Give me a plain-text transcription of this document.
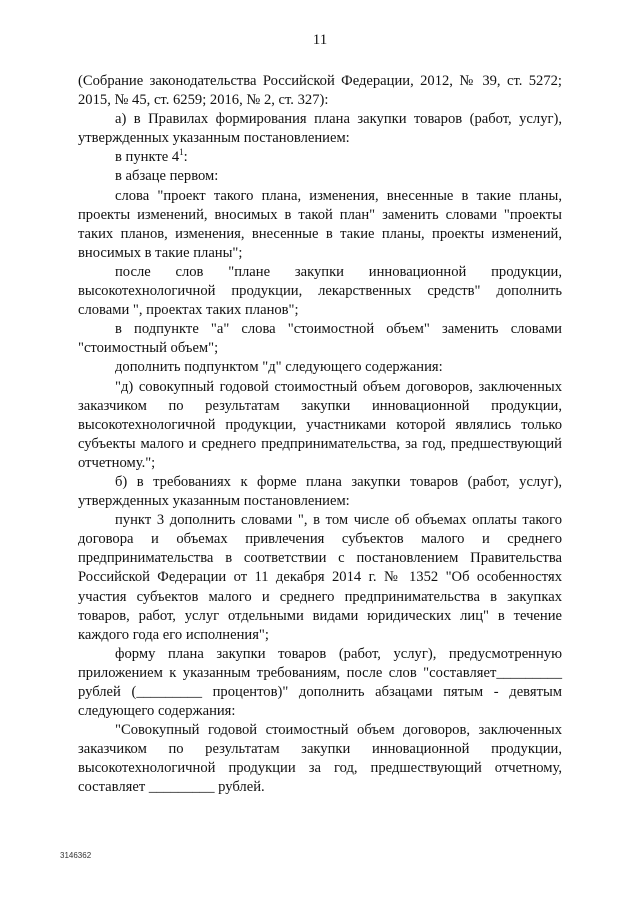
11

(Собрание законодательства Российской Федерации, 2012, № 39, ст. 5272; 2015, № 45, ст. 6259; 2016, № 2, ст. 327):

а) в Правилах формирования плана закупки товаров (работ, услуг), утвержденных указанным постановлением:

в пункте $4^1$:

в абзаце первом:

слова "проект такого плана, изменения, внесенные в такие планы, проекты изменений, вносимых в такой план" заменить словами "проекты таких планов, изменения, внесенные в такие планы, проекты изменений, вносимых в такие планы";

после слов "плане закупки инновационной продукции, высокотехнологичной продукции, лекарственных средств" дополнить словами ", проектах таких планов";

в подпункте "а" слова "стоимостной объем" заменить словами "стоимостный объем";

дополнить подпунктом "д" следующего содержания:

"д) совокупный годовой стоимостный объем договоров, заключенных заказчиком по результатам закупки инновационной продукции, высокотехнологичной продукции, участниками которой являлись только субъекты малого и среднего предпринимательства, за год, предшествующий отчетному.";

б) в требованиях к форме плана закупки товаров (работ, услуг), утвержденных указанным постановлением:

пункт 3 дополнить словами ", в том числе об объемах оплаты такого договора и объемах привлечения субъектов малого и среднего предпринимательства в соответствии с постановлением Правительства Российской Федерации от 11 декабря 2014 г. № 1352 "Об особенностях участия субъектов малого и среднего предпринимательства в закупках товаров, работ, услуг отдельными видами юридических лиц" в течение каждого года его исполнения";

форму плана закупки товаров (работ, услуг), предусмотренную приложением к указанным требованиям, после слов "составляет_________ рублей (_________ процентов)" дополнить абзацами пятым - девятым следующего содержания:

"Совокупный годовой стоимостный объем договоров, заключенных заказчиком по результатам закупки инновационной продукции, высокотехнологичной продукции за год, предшествующий отчетному, составляет _________ рублей.

3146362
